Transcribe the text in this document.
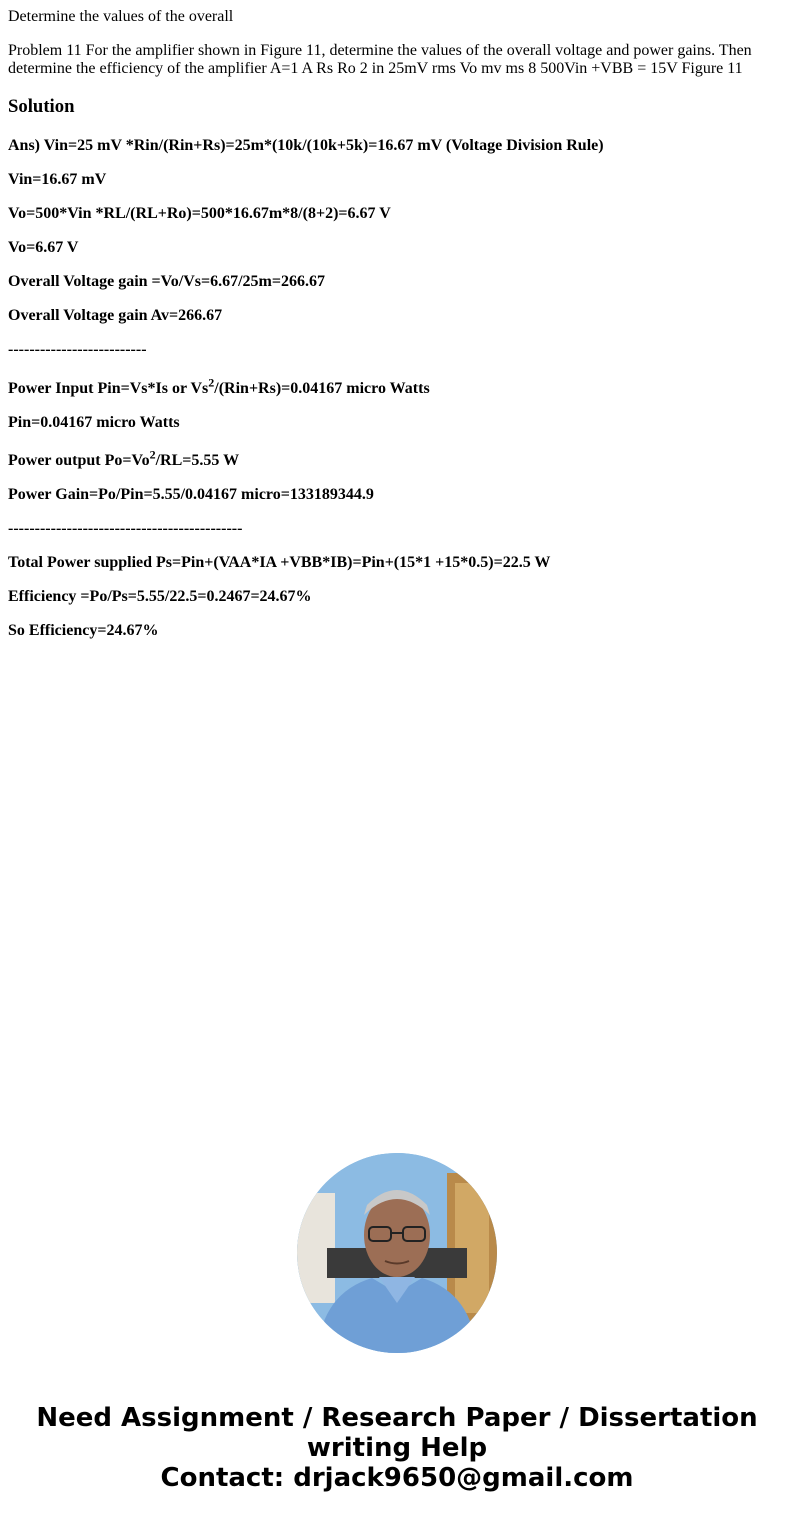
Determine the values of the overall

Problem 11 For the amplifier shown in Figure 11, determine the values of the overall voltage and power gains. Then determine the efficiency of the amplifier A=1 A Rs Ro 2 in 25mV rms Vo mv ms 8 500Vin +VBB = 15V Figure 11

Solution

Ans) Vin=25 mV *Rin/(Rin+Rs)=25m*(10k/(10k+5k)=16.67 mV (Voltage Division Rule)

Vin=16.67 mV

Vo=500*Vin *RL/(RL+Ro)=500*16.67m*8/(8+2)=6.67 V

Vo=6.67 V

Overall Voltage gain =Vo/Vs=6.67/25m=266.67

Overall Voltage gain Av=266.67

--------------------------

Power Input Pin=Vs*Is or $Vs^2/(Rin+Rs)=0.04167$ micro Watts

Pin=0.04167 micro Watts

Power output $Po=Vo^2/RL=5.55$ W

Power Gain=Po/Pin=5.55/0.04167 micro=133189344.9

--------------------------------------------

Total Power supplied Ps=Pin+(VAA*IA +VBB*IB)=Pin+(15*1 +15*0.5)=22.5 W

Efficiency =Po/Ps=5.55/22.5=0.2467=24.67%

So Efficiency=24.67%

Need Assignment / Research Paper / Dissertation
writing Help
Contact: drjack9650@gmail.com
